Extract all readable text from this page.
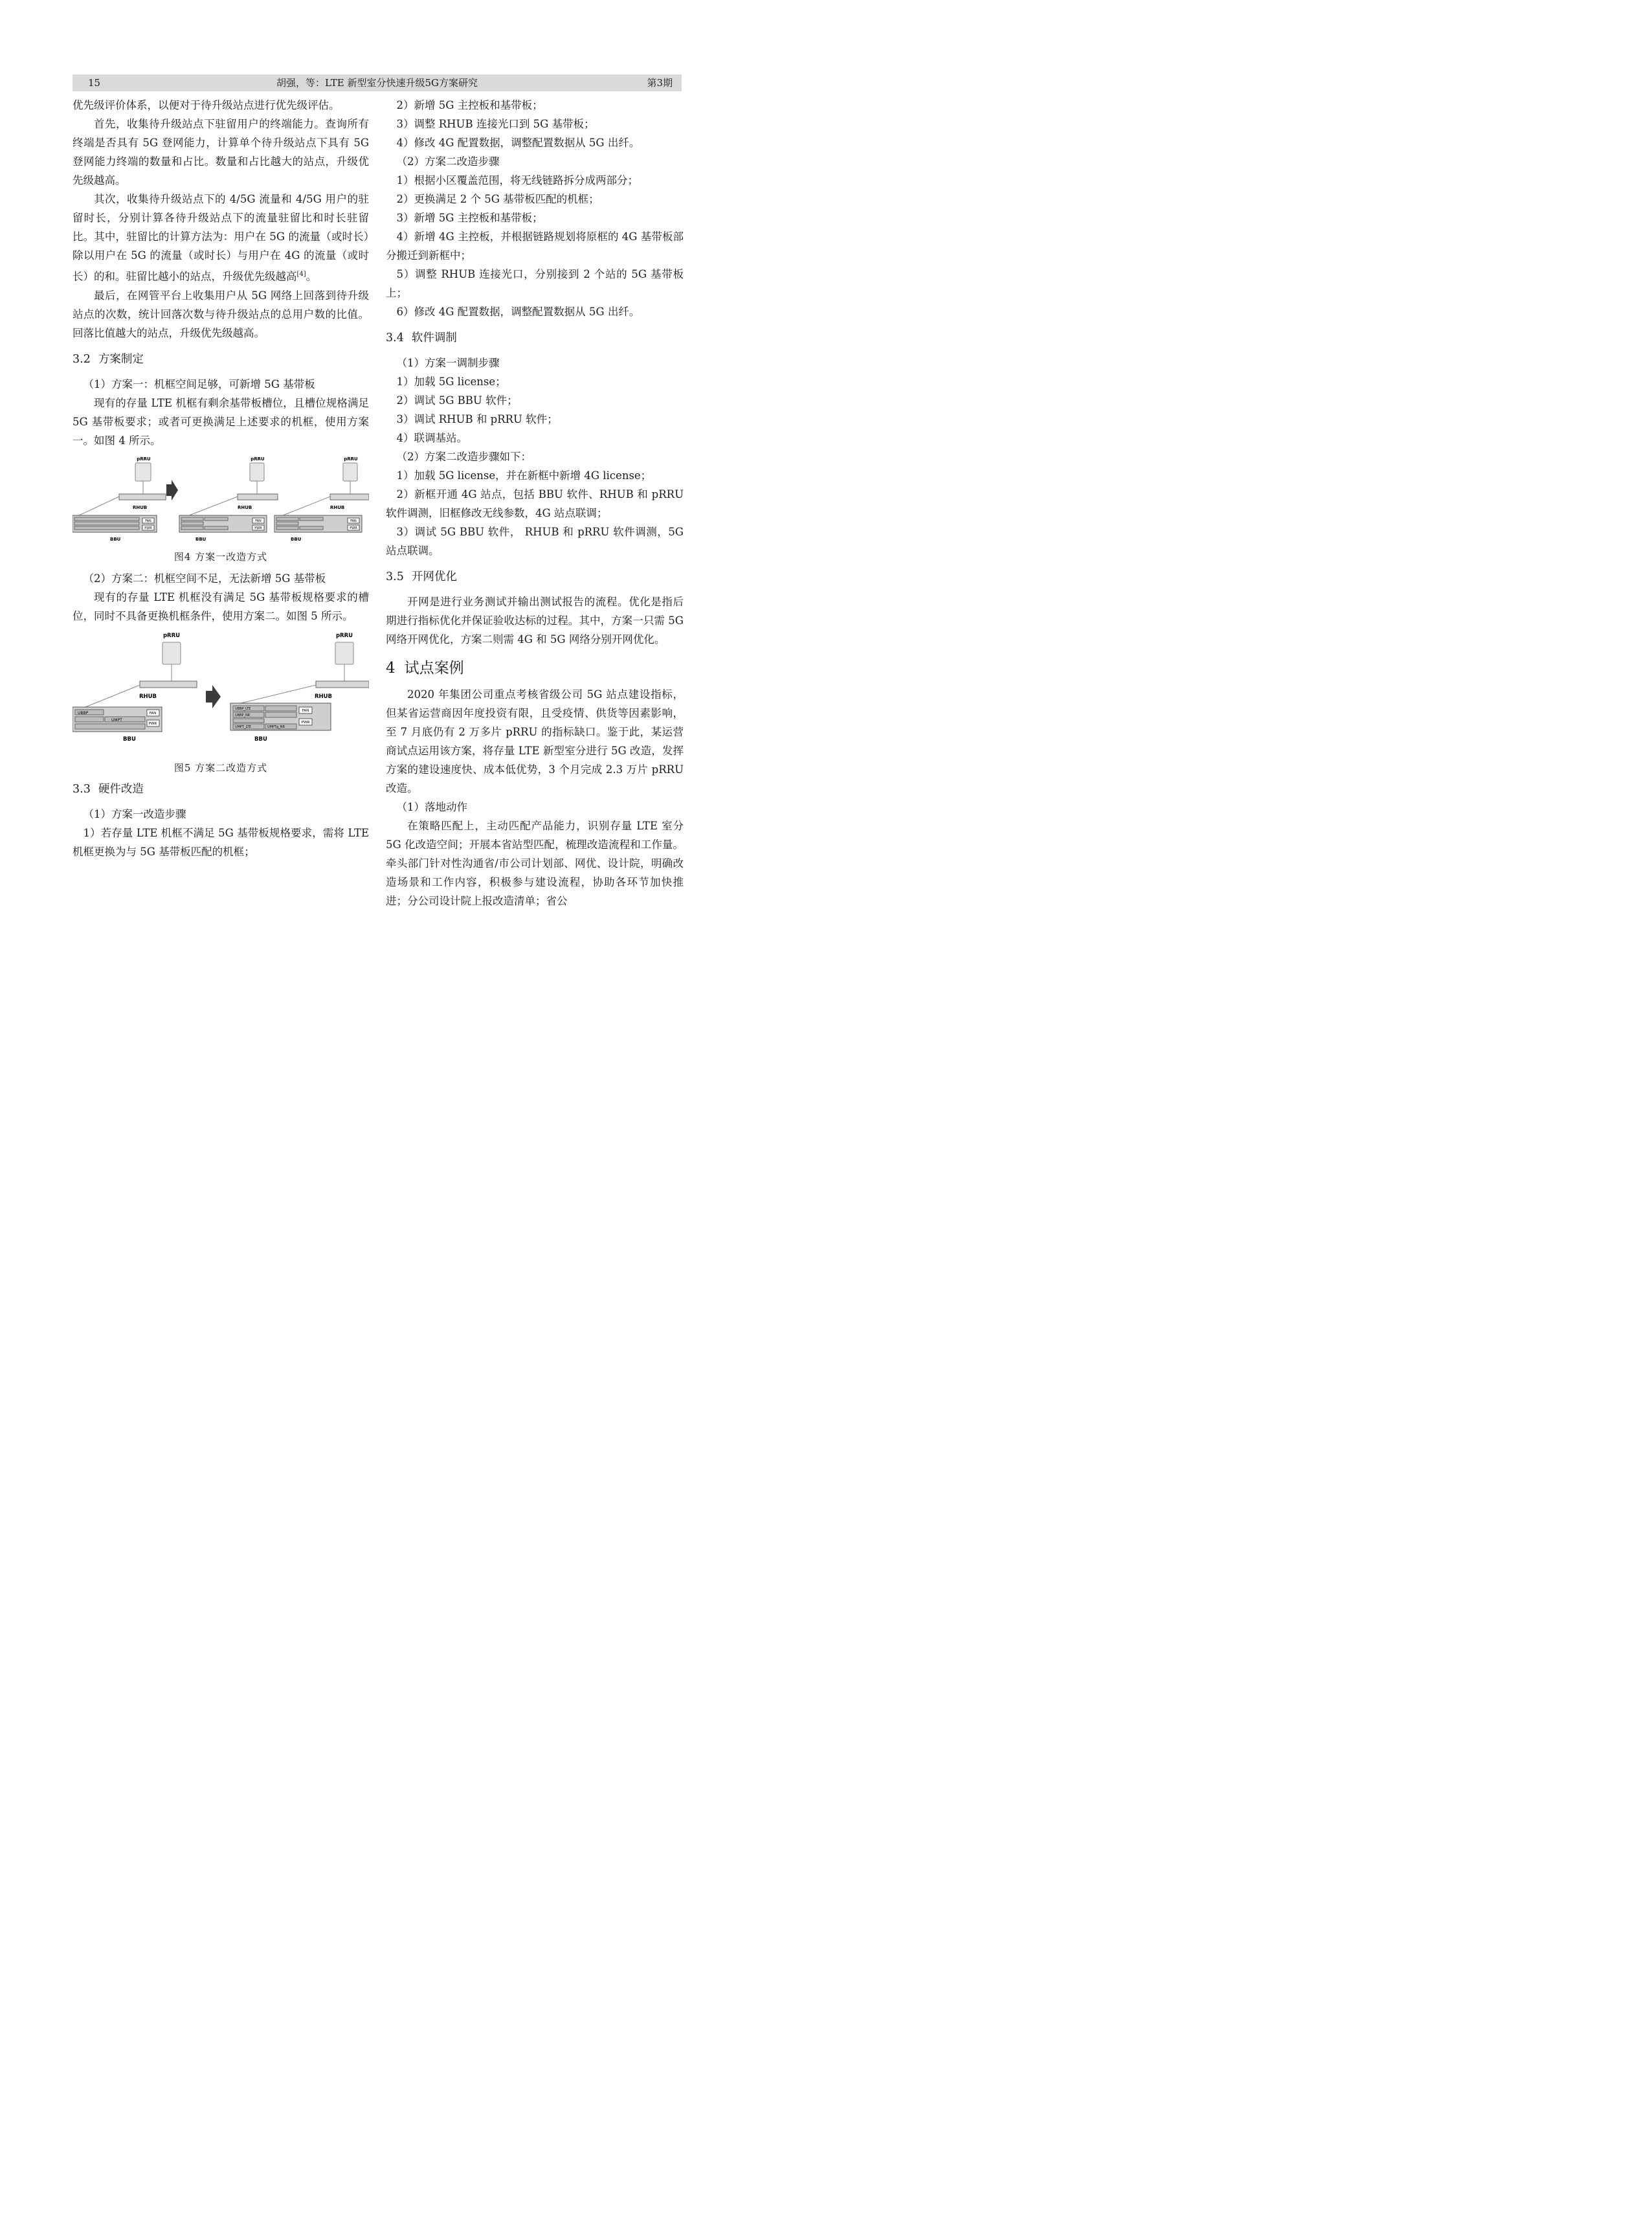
15	胡强，等：LTE 新型室分快速升级5G方案研究	第3期

优先级评价体系，以便对于待升级站点进行优先级评估。

首先，收集待升级站点下驻留用户的终端能力。查询所有终端是否具有 5G 登网能力，计算单个待升级站点下具有 5G 登网能力终端的数量和占比。数量和占比越大的站点，升级优先级越高。

其次，收集待升级站点下的 4/5G 流量和 4/5G 用户的驻留时长，分别计算各待升级站点下的流量驻留比和时长驻留比。其中，驻留比的计算方法为：用户在 5G 的流量（或时长）除以用户在 5G 的流量（或时长）与用户在 4G 的流量（或时长）的和。驻留比越小的站点，升级优先级越高[4]。

最后，在网管平台上收集用户从 5G 网络上回落到待升级站点的次数，统计回落次数与待升级站点的总用户数的比值。回落比值越大的站点，升级优先级越高。

3.2 方案制定

（1）方案一：机框空间足够，可新增 5G 基带板

现有的存量 LTE 机框有剩余基带板槽位，且槽位规格满足 5G 基带板要求；或者可更换满足上述要求的机框，使用方案一。如图 4 所示。

pRRU
RHUB
FAN
PWR
BBU
pRRU
RHUB
FAN
PWR
BBU
pRRU
RHUB
FAN
PWR
BBU
图4 方案一改造方式

（2）方案二：机框空间不足，无法新增 5G 基带板

现有的存量 LTE 机框没有满足 5G 基带板规格要求的槽位，同时不具备更换机框条件，使用方案二。如图 5 所示。

pRRU
RHUB
UBBP
UMPT
FAN
PWR
BBU
pRRU
RHUB
UBBP_LTE
UBBP_NR
UMPT_LTE	UMPTg_NR
FAN
PWR
BBU
图5 方案二改造方式
3.3 硬件改造

（1）方案一改造步骤

1）若存量 LTE 机框不满足 5G 基带板规格要求，需将 LTE 机框更换为与 5G 基带板匹配的机框；

2）新增 5G 主控板和基带板；

3）调整 RHUB 连接光口到 5G 基带板；

4）修改 4G 配置数据，调整配置数据从 5G 出纤。

（2）方案二改造步骤

1）根据小区覆盖范围，将无线链路拆分成两部分；

2）更换满足 2 个 5G 基带板匹配的机框；

3）新增 5G 主控板和基带板；

4）新增 4G 主控板，并根据链路规划将原框的 4G 基带板部分搬迁到新框中；

5）调整 RHUB 连接光口，分别接到 2 个站的 5G 基带板上；

6）修改 4G 配置数据，调整配置数据从 5G 出纤。

3.4 软件调制

（1）方案一调制步骤

1）加载 5G license；

2）调试 5G BBU 软件；

3）调试 RHUB 和 pRRU 软件；

4）联调基站。

（2）方案二改造步骤如下：

1）加载 5G license，并在新框中新增 4G license；

2）新框开通 4G 站点，包括 BBU 软件、RHUB 和 pRRU 软件调测，旧框修改无线参数，4G 站点联调；

3）调试 5G BBU 软件， RHUB 和 pRRU 软件调测，5G 站点联调。

3.5 开网优化

开网是进行业务测试并输出测试报告的流程。优化是指后期进行指标优化并保证验收达标的过程。其中，方案一只需 5G 网络开网优化，方案二则需 4G 和 5G 网络分别开网优化。

4 试点案例

2020 年集团公司重点考核省级公司 5G 站点建设指标，但某省运营商因年度投资有限，且受疫情、供货等因素影响，至 7 月底仍有 2 万多片 pRRU 的指标缺口。鉴于此，某运营商试点运用该方案，将存量 LTE 新型室分进行 5G 改造，发挥方案的建设速度快、成本低优势，3 个月完成 2.3 万片 pRRU 改造。

（1）落地动作

在策略匹配上，主动匹配产品能力，识别存量 LTE 室分 5G 化改造空间；开展本省站型匹配，梳理改造流程和工作量。牵头部门针对性沟通省/市公司计划部、网优、设计院，明确改造场景和工作内容，积极参与建设流程，协助各环节加快推进；分公司设计院上报改造清单；省公
